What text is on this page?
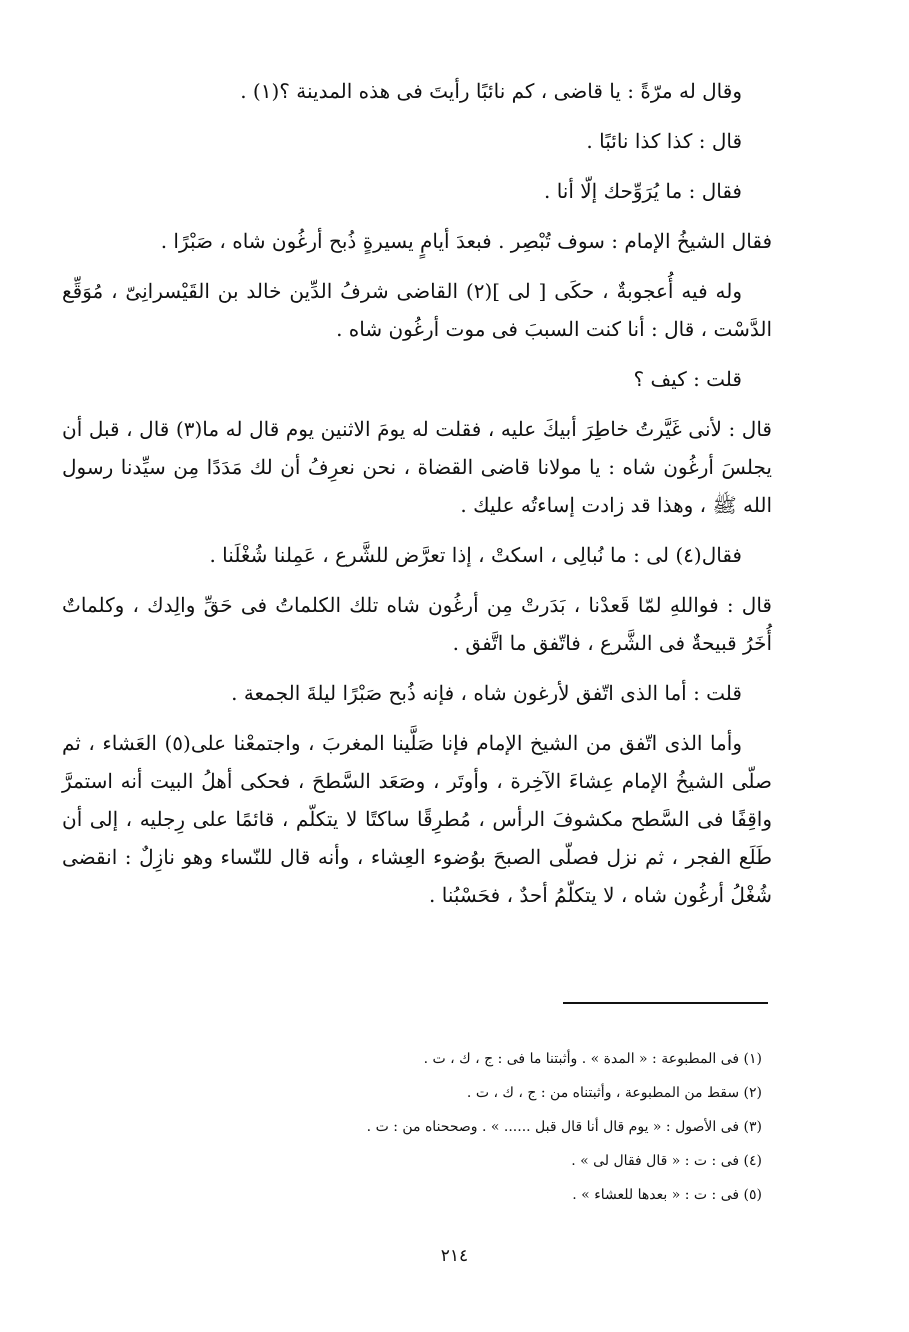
وقال له مرّةً : يا قاضى ، كم نائبًا رأيتَ فى هذه المدينة ؟(١) .

قال : كذا كذا نائبًا .

فقال : ما يُرَوِّحك إلّا أنا .

فقال الشيخُ الإمام : سوف تُبْصِر . فبعدَ أيامٍ يسيرةٍ ذُبح أرغُون شاه ، صَبْرًا .

وله فيه أُعجوبةٌ ، حكَى [ لى ](٢) القاضى شرفُ الدِّين خالد بن القَيْسرانِىّ ، مُوَقِّع الدَّسْت ، قال : أنا كنت السببَ فى موت أرغُون شاه .

قلت : كيف ؟

قال : لأنى غَيَّرتُ خاطِرَ أبيكَ عليه ، فقلت له يومَ الاثنين يوم قال له ما(٣) قال ، قبل أن يجلسَ أرغُون شاه : يا مولانا قاضى القضاة ، نحن نعرِفُ أن لك مَدَدًا مِن سيِّدنا رسول الله ﷺ ، وهذا قد زادت إساءتُه عليك .

فقال(٤) لى : ما نُبالِى ، اسكتْ ، إذا تعرَّض للشَّرع ، عَمِلنا شُغْلَنا .

قال : فواللهِ لمّا قَعدْنا ، بَدَرتْ مِن أرغُون شاه تلك الكلماتُ فى حَقِّ والِدك ، وكلماتٌ أُخَرُ قبيحةٌ فى الشَّرع ، فاتّفق ما اتَّفق .

قلت : أما الذى اتّفق لأرغون شاه ، فإنه ذُبح صَبْرًا ليلةَ الجمعة .

وأما الذى اتّفق من الشيخ الإمام فإنا صَلَّينا المغربَ ، واجتمعْنا على(٥) العَشاء ، ثم صلّى الشيخُ الإمام عِشاءَ الآخِرة ، وأوتَر ، وصَعَد السَّطحَ ، فحكى أهلُ البيت أنه استمرَّ واقِفًا فى السَّطح مكشوفَ الرأس ، مُطرِقًا ساكتًا لا يتكلّم ، قائمًا على رِجليه ، إلى أن طَلَع الفجر ، ثم نزل فصلّى الصبحَ بوُضوء العِشاء ، وأنه قال للنّساء وهو نازِلٌ : انقضى شُغْلُ أرغُون شاه ، لا يتكلّمُ أحدٌ ، فحَسْبُنا .

(١) فى المطبوعة : « المدة » . وأثبتنا ما فى : ج ، ك ، ت .

(٢) سقط من المطبوعة ، وأثبتناه من : ج ، ك ، ت .

(٣) فى الأصول : « يوم قال أنا قال قبل ...... » . وصححناه من : ت .

(٤) فى : ت : « قال فقال لى » .

(٥) فى : ت : « بعدها للعشاء » .

٢١٤
